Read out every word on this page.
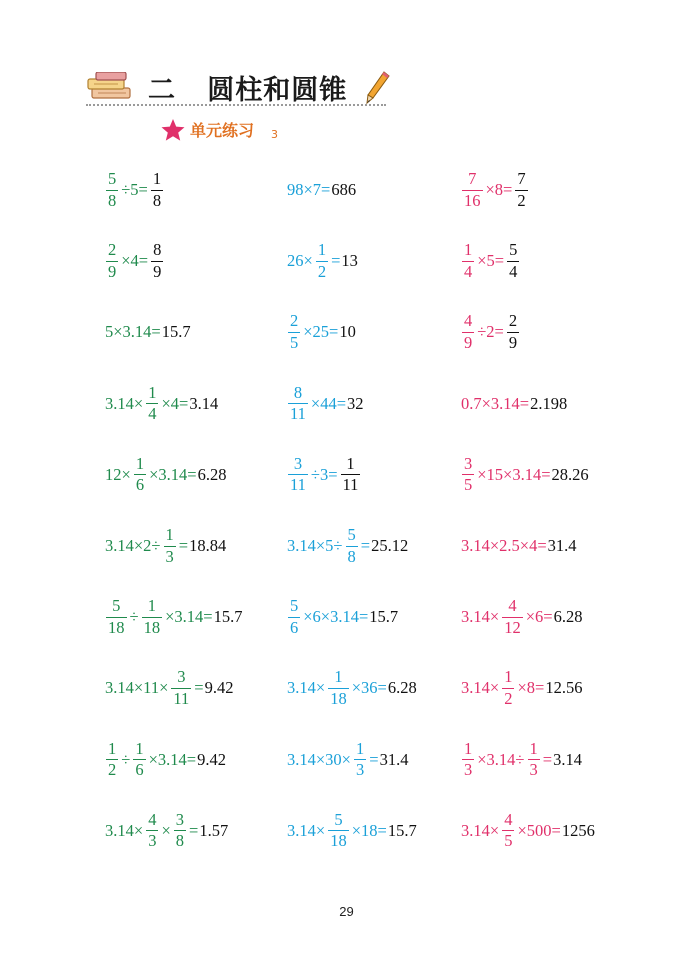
二   圆柱和圆锥
单元练习 3
$\frac{5}{8} \div 5= \frac{1}{8}$	98×7= 686	$\frac{7}{16} \times 8= \frac{7}{2}$
$\frac{2}{9} \times 4= \frac{8}{9}$	$26\times \frac{1}{2} = 13$	$\frac{1}{4} \times 5= \frac{5}{4}$
5×3.14= 15.7	$\frac{2}{5} \times 25= 10$	$\frac{4}{9} \div 2= \frac{2}{9}$
$3.14\times \frac{1}{4} \times 4= 3.14$	$\frac{8}{11} \times 44= 32$	0.7×3.14= 2.198
$12\times \frac{1}{6} \times 3.14= 6.28$	$\frac{3}{11} \div 3= \frac{1}{11}$	$\frac{3}{5} \times 15\times 3.14= 28.26$
$3.14\times 2\div \frac{1}{3} = 18.84$	$3.14\times 5\div \frac{5}{8} = 25.12$	3.14×2.5×4= 31.4
$\frac{5}{18} \div \frac{1}{18} \times 3.14= 15.7$	$\frac{5}{6} \times 6\times 3.14= 15.7$	$3.14\times \frac{4}{12} \times 6= 6.28$
$3.14\times 11\times \frac{3}{11} = 9.42$	$3.14\times \frac{1}{18} \times 36= 6.28$	$3.14\times \frac{1}{2} \times 8= 12.56$
$\frac{1}{2} \div \frac{1}{6} \times 3.14= 9.42$	$3.14\times 30\times \frac{1}{3} = 31.4$	$\frac{1}{3} \times 3.14\div \frac{1}{3} = 3.14$
$3.14\times \frac{4}{3} \times \frac{3}{8} = 1.57$	$3.14\times \frac{5}{18} \times 18= 15.7$	$3.14\times \frac{4}{5} \times 500= 1256$
29
